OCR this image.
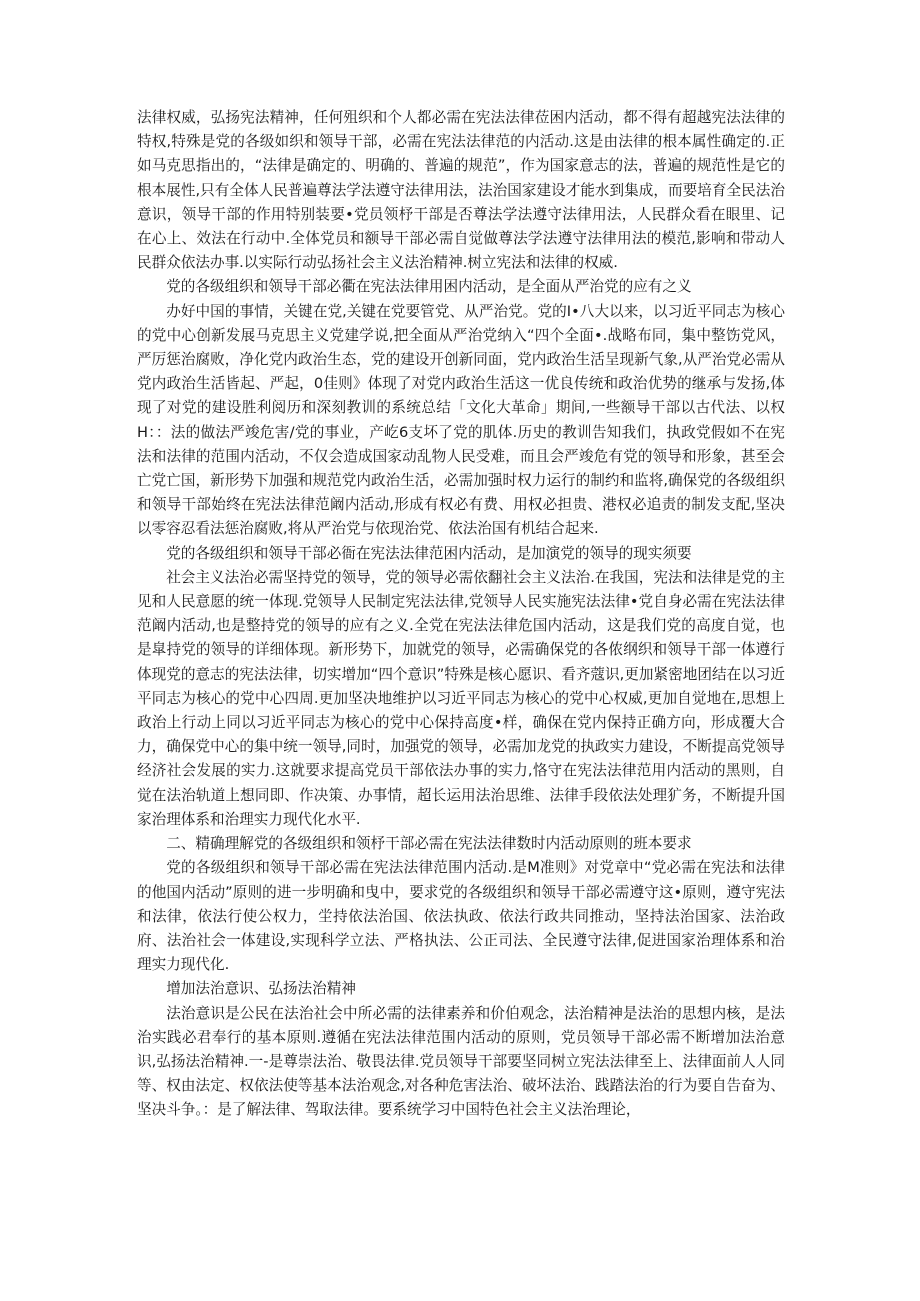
法律权威，弘扬宪法精神，任何殂织和个人都必需在宪法法律莅困内活动，都不得有超越宪法法律的特权,特殊是党的各级如织和领导干部，必需在宪法法律范的内活动.这是由法律的根本属性确定的.正如马克思指出的，“法律是确定的、明确的、普遍的规范”，作为国家意志的法，普遍的规范性是它的根本展性,只有全体人民普遍尊法学法遵守法律用法，法治国家建设才能水到集成，而要培育全民法治意识，领导干部的作用特别装要•党员领杼干部是否尊法学法遵守法律用法，人民群众看在眼里、记在心上、效法在行动中.全体党员和额导干部必需自觉做尊法学法遵守法律用法的模范,影响和带动人民群众依法办事.以实际行动弘扬社会主义法治精神.树立宪法和法律的权威.

党的各级组织和领导干部必衢在宪法法律用困内活动，是全面从严治党的应有之义

办好中国的事情，关键在党,关键在党要管党、从严治党。党的I•八大以来，以习近平同志为核心的党中心创新发展马克思主义党建学说,把全面从严治党纳入“四个全面•.战略布同，集中整饬党风，严厉惩治腐败，净化党内政治生态，党的建设开创新同面，党内政治生活呈现新气象,从严治党必需从党内政治生活皆起、严起，0佳则》体现了对党内政治生活这一优良传统和政治优势的继承与发扬,体现了对党的建设胜利阅历和深刻教训的系统总结「文化大革命」期间,一些额导干部以古代法、以权H：：法的做法严竣危害/党的事业，产屹6支坏了党的肌体.历史的教训告知我们，执政党假如不在宪法和法律的范围内活动，不仅会造成国家动乱物人民受难，而且会严竣危有党的领导和形象，甚至会亡党亡国，新形势下加强和规范党内政治生活，必需加强时权力运行的制约和监将,确保党的各级组织和领导干部始终在宪法法律范阚内活动,形成有权必有费、用权必担贵、港权必追责的制发支配,坚决以零容忍看法惩治腐败,将从严治党与依现治党、依法治国有机结合起来.

党的各级组织和领导干部必衙在宪法法律范困内活动，是加演党的领导的现实须要

社会主义法治必需坚持党的领导，党的领导必需依翻社会主义法治.在我国，宪法和法律是党的主见和人民意愿的统一体现.党领导人民制定宪法法律,党领导人民实施宪法法律•党自身必需在宪法法律范阚内活动,也是整持党的领导的应有之义.全党在宪法法律危国内活动，这是我们党的高度自觉，也是皐持党的领导的详细体现。新形势下，加就党的领导，必需确保党的各侬纲织和领导干部一体遵行体现党的意志的宪法法律，切实增加“四个意识”特殊是核心愿识、看齐蔻识,更加紧密地团结在以习近平同志为核心的党中心四周.更加坚决地维护以习近平同志为核心的党中心权威,更加自觉地在,思想上政治上行动上同以习近平同志为核心的党中心保持高度•样，确保在党内保持正确方向，形成覆大合力，确保党中心的集中统一领导,同时，加强党的领导，必需加龙党的执政实力建设，不断提高党领导经济社会发展的实力.这就要求提高党员干部依法办事的实力,恪守在宪法法律范用内活动的黑则，自觉在法治轨道上想同即、作决策、办事情，超长运用法治思维、法律手段依法处理犷务，不断提升国家治理体系和治理实力现代化水平.

二、精确理解党的各级组织和领杼干部必需在宪法法律数时内活动原则的班本要求

党的各级组织和领导干部必需在宪法法律范围内活动.是M准则》对党章中“党必需在宪法和法律的他国内活动”原则的进一步明确和曳中，要求党的各级组织和领导干部必需遵守这•原则，遵守宪法和法律，依法行使公权力，坣持依法治国、依法执政、依法行政共同推动，坚持法治国家、法治政府、法治社会一体建设,实现科学立法、严格执法、公正司法、全民遵守法律,促进国家治理体系和治理实力现代化.

增加法治意识、弘扬法治精神

法治意识是公民在法治社会中所必需的法律素养和价伯观念，法治精神是法治的思想内核，是法治实践必君奉行的基本原则.遵循在宪法法律范围内活动的原则，党员领导干部必需不断增加法治意识,弘扬法治精神.一-是尊崇法治、敬畏法律.党员领导干部要坚同树立宪法法律至上、法律面前人人同等、权由法定、权依法使等基本法治观念,对各种危害法治、破坏法治、践踏法治的行为要自告奋为、坚决斗争。：是了解法律、驾取法律。要系统学习中国特色社会主义法治理论，
